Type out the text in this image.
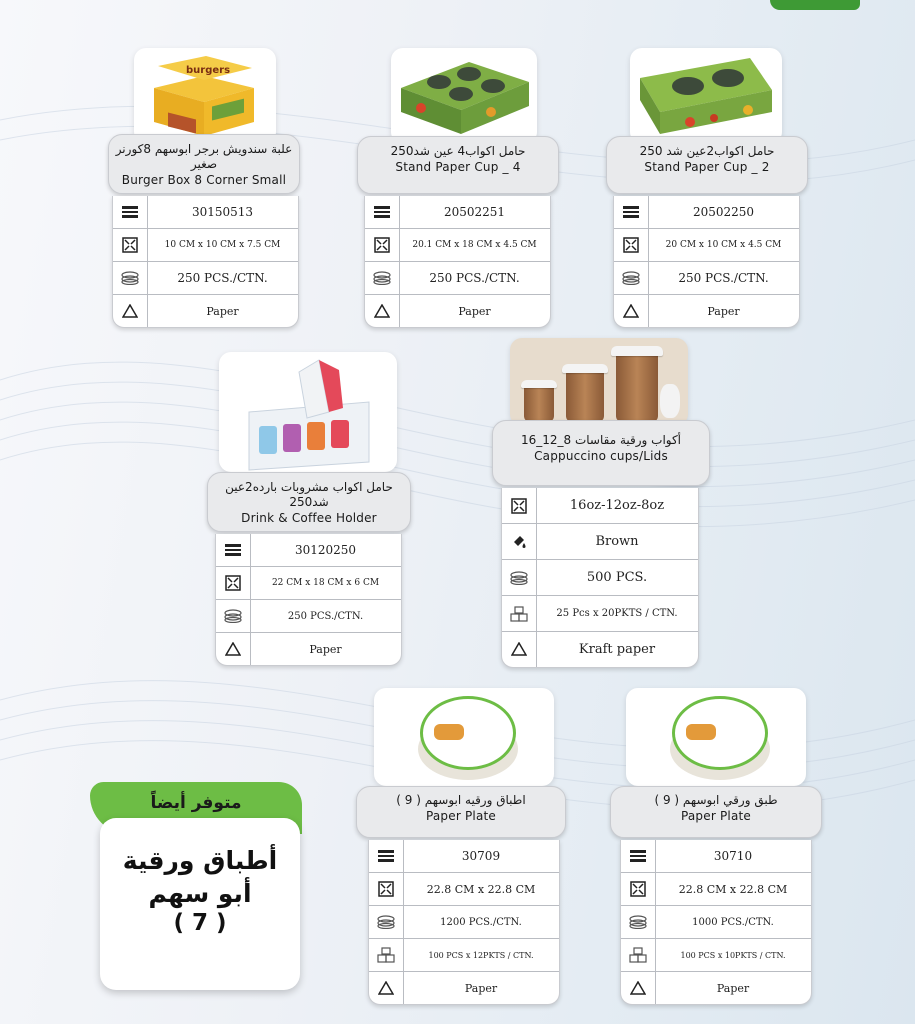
burgers
علبة سندويش برجر ابوسهم 8كورنر صغير
Burger Box 8 Corner Small
30150513
10 CM x 10 CM x 7.5 CM
250 PCS./CTN.
Paper
حامل اكواب4 عين شد250
Stand Paper Cup _ 4
20502251
20.1 CM x 18 CM x 4.5 CM
250 PCS./CTN.
Paper
حامل اكواب2عين شد 250
Stand Paper Cup _ 2
20502250
20 CM x 10 CM x 4.5 CM
250 PCS./CTN.
Paper
حامل اكواب مشروبات بارده2عين شد250
Drink & Coffee Holder
30120250
22 CM x 18 CM x 6 CM
250 PCS./CTN.
Paper
أكواب ورقية مقاسات 8_12_16
Cappuccino cups/Lids
16oz-12oz-8oz
Brown
500 PCS.
25 Pcs x 20PKTS / CTN.
Kraft paper
اطباق ورقيه ابوسهم ( 9 )
Paper Plate
30709
22.8 CM x 22.8 CM
1200 PCS./CTN.
100 PCS x 12PKTS / CTN.
Paper
طبق ورقي ابوسهم ( 9 )
Paper Plate
30710
22.8 CM x 22.8 CM
1000 PCS./CTN.
100 PCS x 10PKTS / CTN.
Paper
متوفر أيضاً
أطباق ورقية
أبو سهم
( 7 )
